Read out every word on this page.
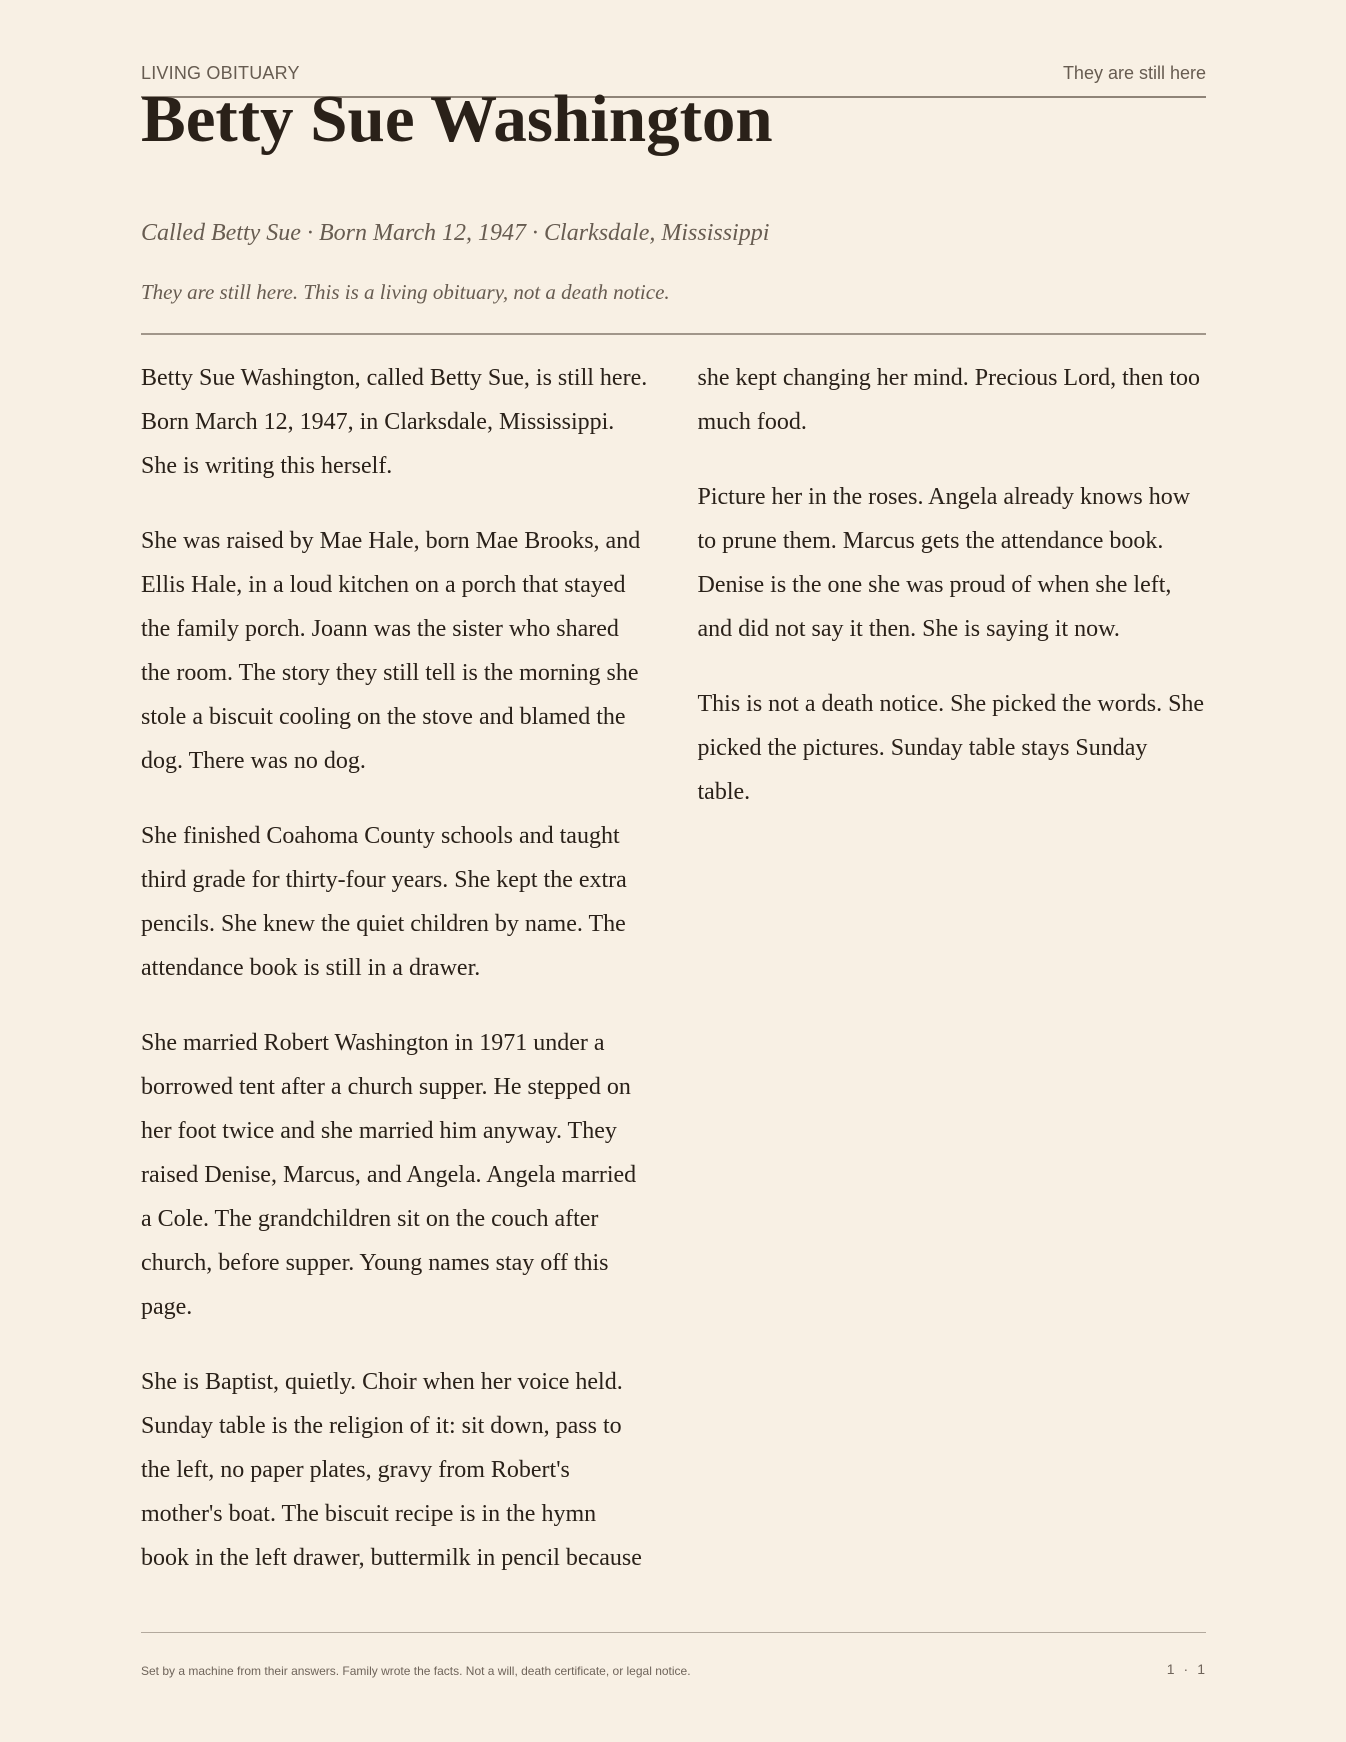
LIVING OBITUARY	They are still here
Betty Sue Washington
Called Betty Sue · Born March 12, 1947 · Clarksdale, Mississippi
They are still here. This is a living obituary, not a death notice.

Betty Sue Washington, called Betty Sue, is still here. Born March 12, 1947, in Clarksdale, Mississippi. She is writing this herself.

She was raised by Mae Hale, born Mae Brooks, and Ellis Hale, in a loud kitchen on a porch that stayed the family porch. Joann was the sister who shared the room. The story they still tell is the morning she stole a biscuit cooling on the stove and blamed the dog. There was no dog.

She finished Coahoma County schools and taught third grade for thirty-four years. She kept the extra pencils. She knew the quiet children by name. The attendance book is still in a drawer.

She married Robert Washington in 1971 under a borrowed tent after a church supper. He stepped on her foot twice and she married him anyway. They raised Denise, Marcus, and Angela. Angela married a Cole. The grandchildren sit on the couch after church, before supper. Young names stay off this page.

She is Baptist, quietly. Choir when her voice held. Sunday table is the religion of it: sit down, pass to the left, no paper plates, gravy from Robert's mother's boat. The biscuit recipe is in the hymn book in the left drawer, buttermilk in pencil because she kept changing her mind. Precious Lord, then too much food.

Picture her in the roses. Angela already knows how to prune them. Marcus gets the attendance book. Denise is the one she was proud of when she left, and did not say it then. She is saying it now.

This is not a death notice. She picked the words. She picked the pictures. Sunday table stays Sunday table.

Set by a machine from their answers. Family wrote the facts. Not a will, death certificate, or legal notice.	1 · 1
